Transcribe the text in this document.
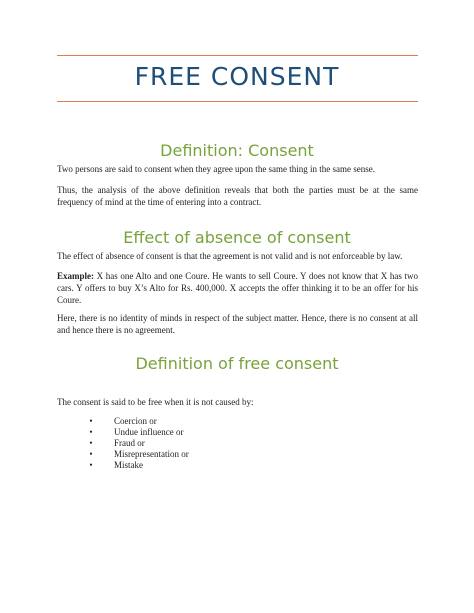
FREE CONSENT
Definition: Consent

Two persons are said to consent when they agree upon the same thing in the same sense.

Thus, the analysis of the above definition reveals that both the parties must be at the same frequency of mind at the time of entering into a contract.

Effect of absence of consent

The effect of absence of consent is that the agreement is not valid and is not enforceable by law.

Example: X has one Alto and one Coure. He wants to sell Coure. Y does not know that X has two cars. Y offers to buy X’s Alto for Rs. 400,000. X accepts the offer thinking it to be an offer for his Coure.

Here, there is no identity of minds in respect of the subject matter. Hence, there is no consent at all and hence there is no agreement.

Definition of free consent

The consent is said to be free when it is not caused by:

• Coercion or
• Undue influence or
• Fraud or
• Misrepresentation or
• Mistake
